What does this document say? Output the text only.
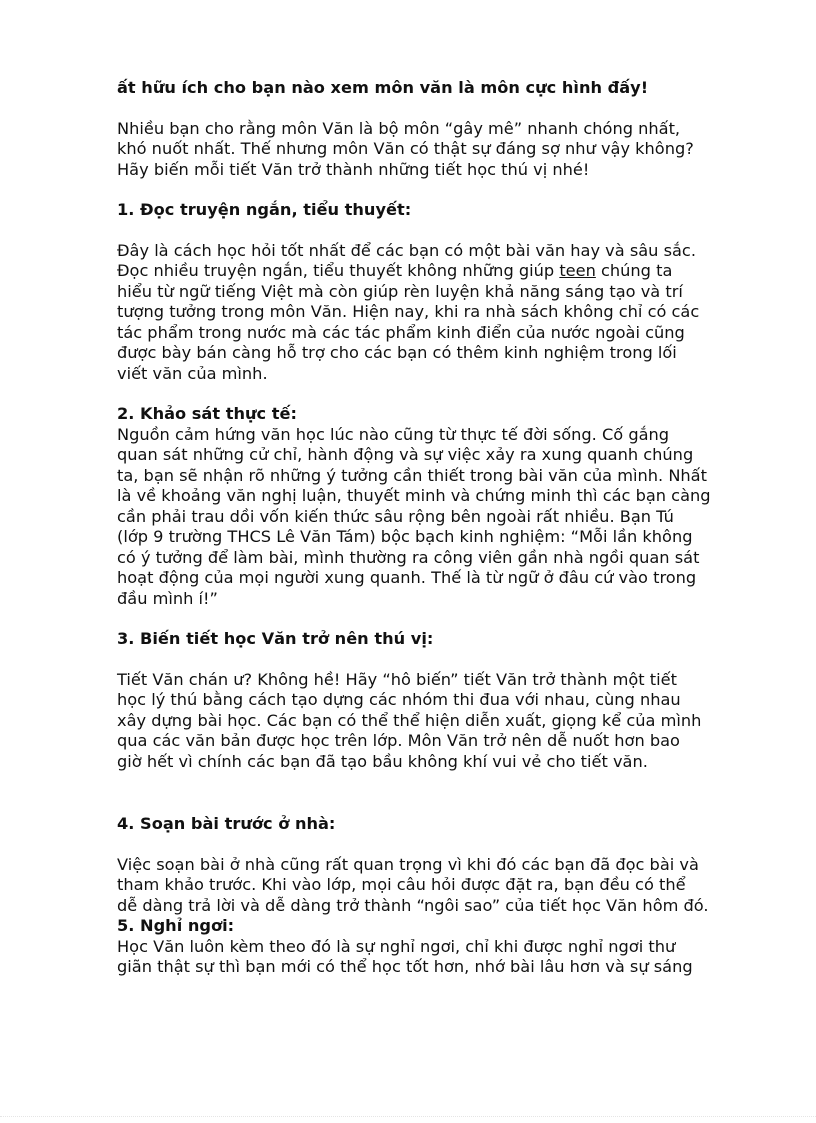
ất hữu ích cho bạn nào xem môn văn là môn cực hình đấy!

Nhiều bạn cho rằng môn Văn là bộ môn “gây mê” nhanh chóng nhất,

khó nuốt nhất. Thế nhưng môn Văn có thật sự đáng sợ như vậy không?

Hãy biến mỗi tiết Văn trở thành những tiết học thú vị nhé!

1. Đọc truyện ngắn, tiểu thuyết:

Đây là cách học hỏi tốt nhất để các bạn có một bài văn hay và sâu sắc.

Đọc nhiều truyện ngắn, tiểu thuyết không những giúp teen chúng ta

hiểu từ ngữ tiếng Việt mà còn giúp rèn luyện khả năng sáng tạo và trí

tượng tưởng trong môn Văn. Hiện nay, khi ra nhà sách không chỉ có các

tác phẩm trong nước mà các tác phẩm kinh điển của nước ngoài cũng

được bày bán càng hỗ trợ cho các bạn có thêm kinh nghiệm trong lối

viết văn của mình.

2. Khảo sát thực tế:

Nguồn cảm hứng văn học lúc nào cũng từ thực tế đời sống. Cố gắng

quan sát những cử chỉ, hành động và sự việc xảy ra xung quanh chúng

ta, bạn sẽ nhận rõ những ý tưởng cần thiết trong bài văn của mình. Nhất

là về khoảng văn nghị luận, thuyết minh và chứng minh thì các bạn càng

cần phải trau dồi vốn kiến thức sâu rộng bên ngoài rất nhiều. Bạn Tú

(lớp 9 trường THCS Lê Văn Tám) bộc bạch kinh nghiệm: “Mỗi lần không

có ý tưởng để làm bài, mình thường ra công viên gần nhà ngồi quan sát

hoạt động của mọi người xung quanh. Thế là từ ngữ ở đâu cứ vào trong

đầu mình í!”

3. Biến tiết học Văn trở nên thú vị:

Tiết Văn chán ư? Không hề! Hãy “hô biến” tiết Văn trở thành một tiết

học lý thú bằng cách tạo dựng các nhóm thi đua với nhau, cùng nhau

xây dựng bài học. Các bạn có thể thể hiện diễn xuất, giọng kể của mình

qua các văn bản được học trên lớp. Môn Văn trở nên dễ nuốt hơn bao

giờ hết vì chính các bạn đã tạo bầu không khí vui vẻ cho tiết văn.

4. Soạn bài trước ở nhà:

Việc soạn bài ở nhà cũng rất quan trọng vì khi đó các bạn đã đọc bài và

tham khảo trước. Khi vào lớp, mọi câu hỏi được đặt ra, bạn đều có thể

dễ dàng trả lời và dễ dàng trở thành “ngôi sao” của tiết học Văn hôm đó.

5. Nghỉ ngơi:

Học Văn luôn kèm theo đó là sự nghỉ ngơi, chỉ khi được nghỉ ngơi thư

giãn thật sự thì bạn mới có thể học tốt hơn, nhớ bài lâu hơn và sự sáng
